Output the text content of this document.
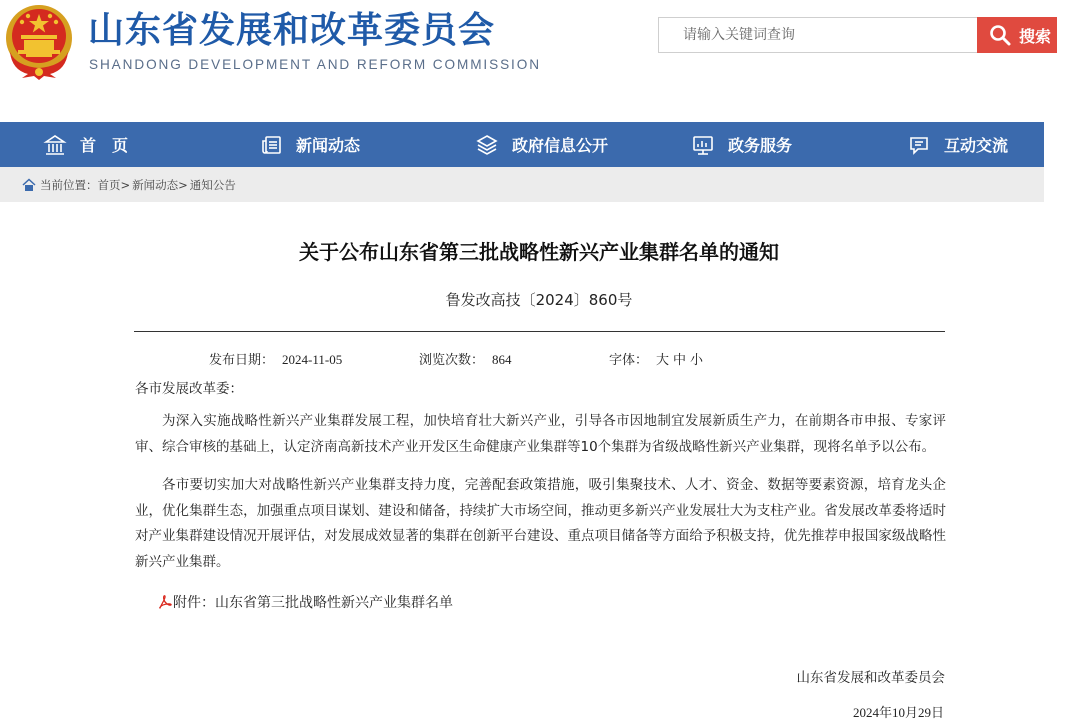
山东省发展和改革委员会
SHANDONG DEVELOPMENT AND REFORM COMMISSION
请输入关键词查询
搜索
首　页	新闻动态	政府信息公开	政务服务	互动交流
当前位置： 首页 > 新闻动态 > 通知公告
关于公布山东省第三批战略性新兴产业集群名单的通知
鲁发改高技〔2024〕860号
发布日期： 2024-11-05	浏览次数： 864	字体： 大 中 小
各市发展改革委：

为深入实施战略性新兴产业集群发展工程，加快培育壮大新兴产业，引导各市因地制宜发展新质生产力，在前期各市申报、专家评审、综合审核的基础上，认定济南高新技术产业开发区生命健康产业集群等10个集群为省级战略性新兴产业集群，现将名单予以公布。

各市要切实加大对战略性新兴产业集群支持力度，完善配套政策措施，吸引集聚技术、人才、资金、数据等要素资源，培育龙头企业，优化集群生态，加强重点项目谋划、建设和储备，持续扩大市场空间，推动更多新兴产业发展壮大为支柱产业。省发展改革委将适时对产业集群建设情况开展评估，对发展成效显著的集群在创新平台建设、重点项目储备等方面给予积极支持，优先推荐申报国家级战略性新兴产业集群。

附件：山东省第三批战略性新兴产业集群名单
山东省发展和改革委员会
2024年10月29日
